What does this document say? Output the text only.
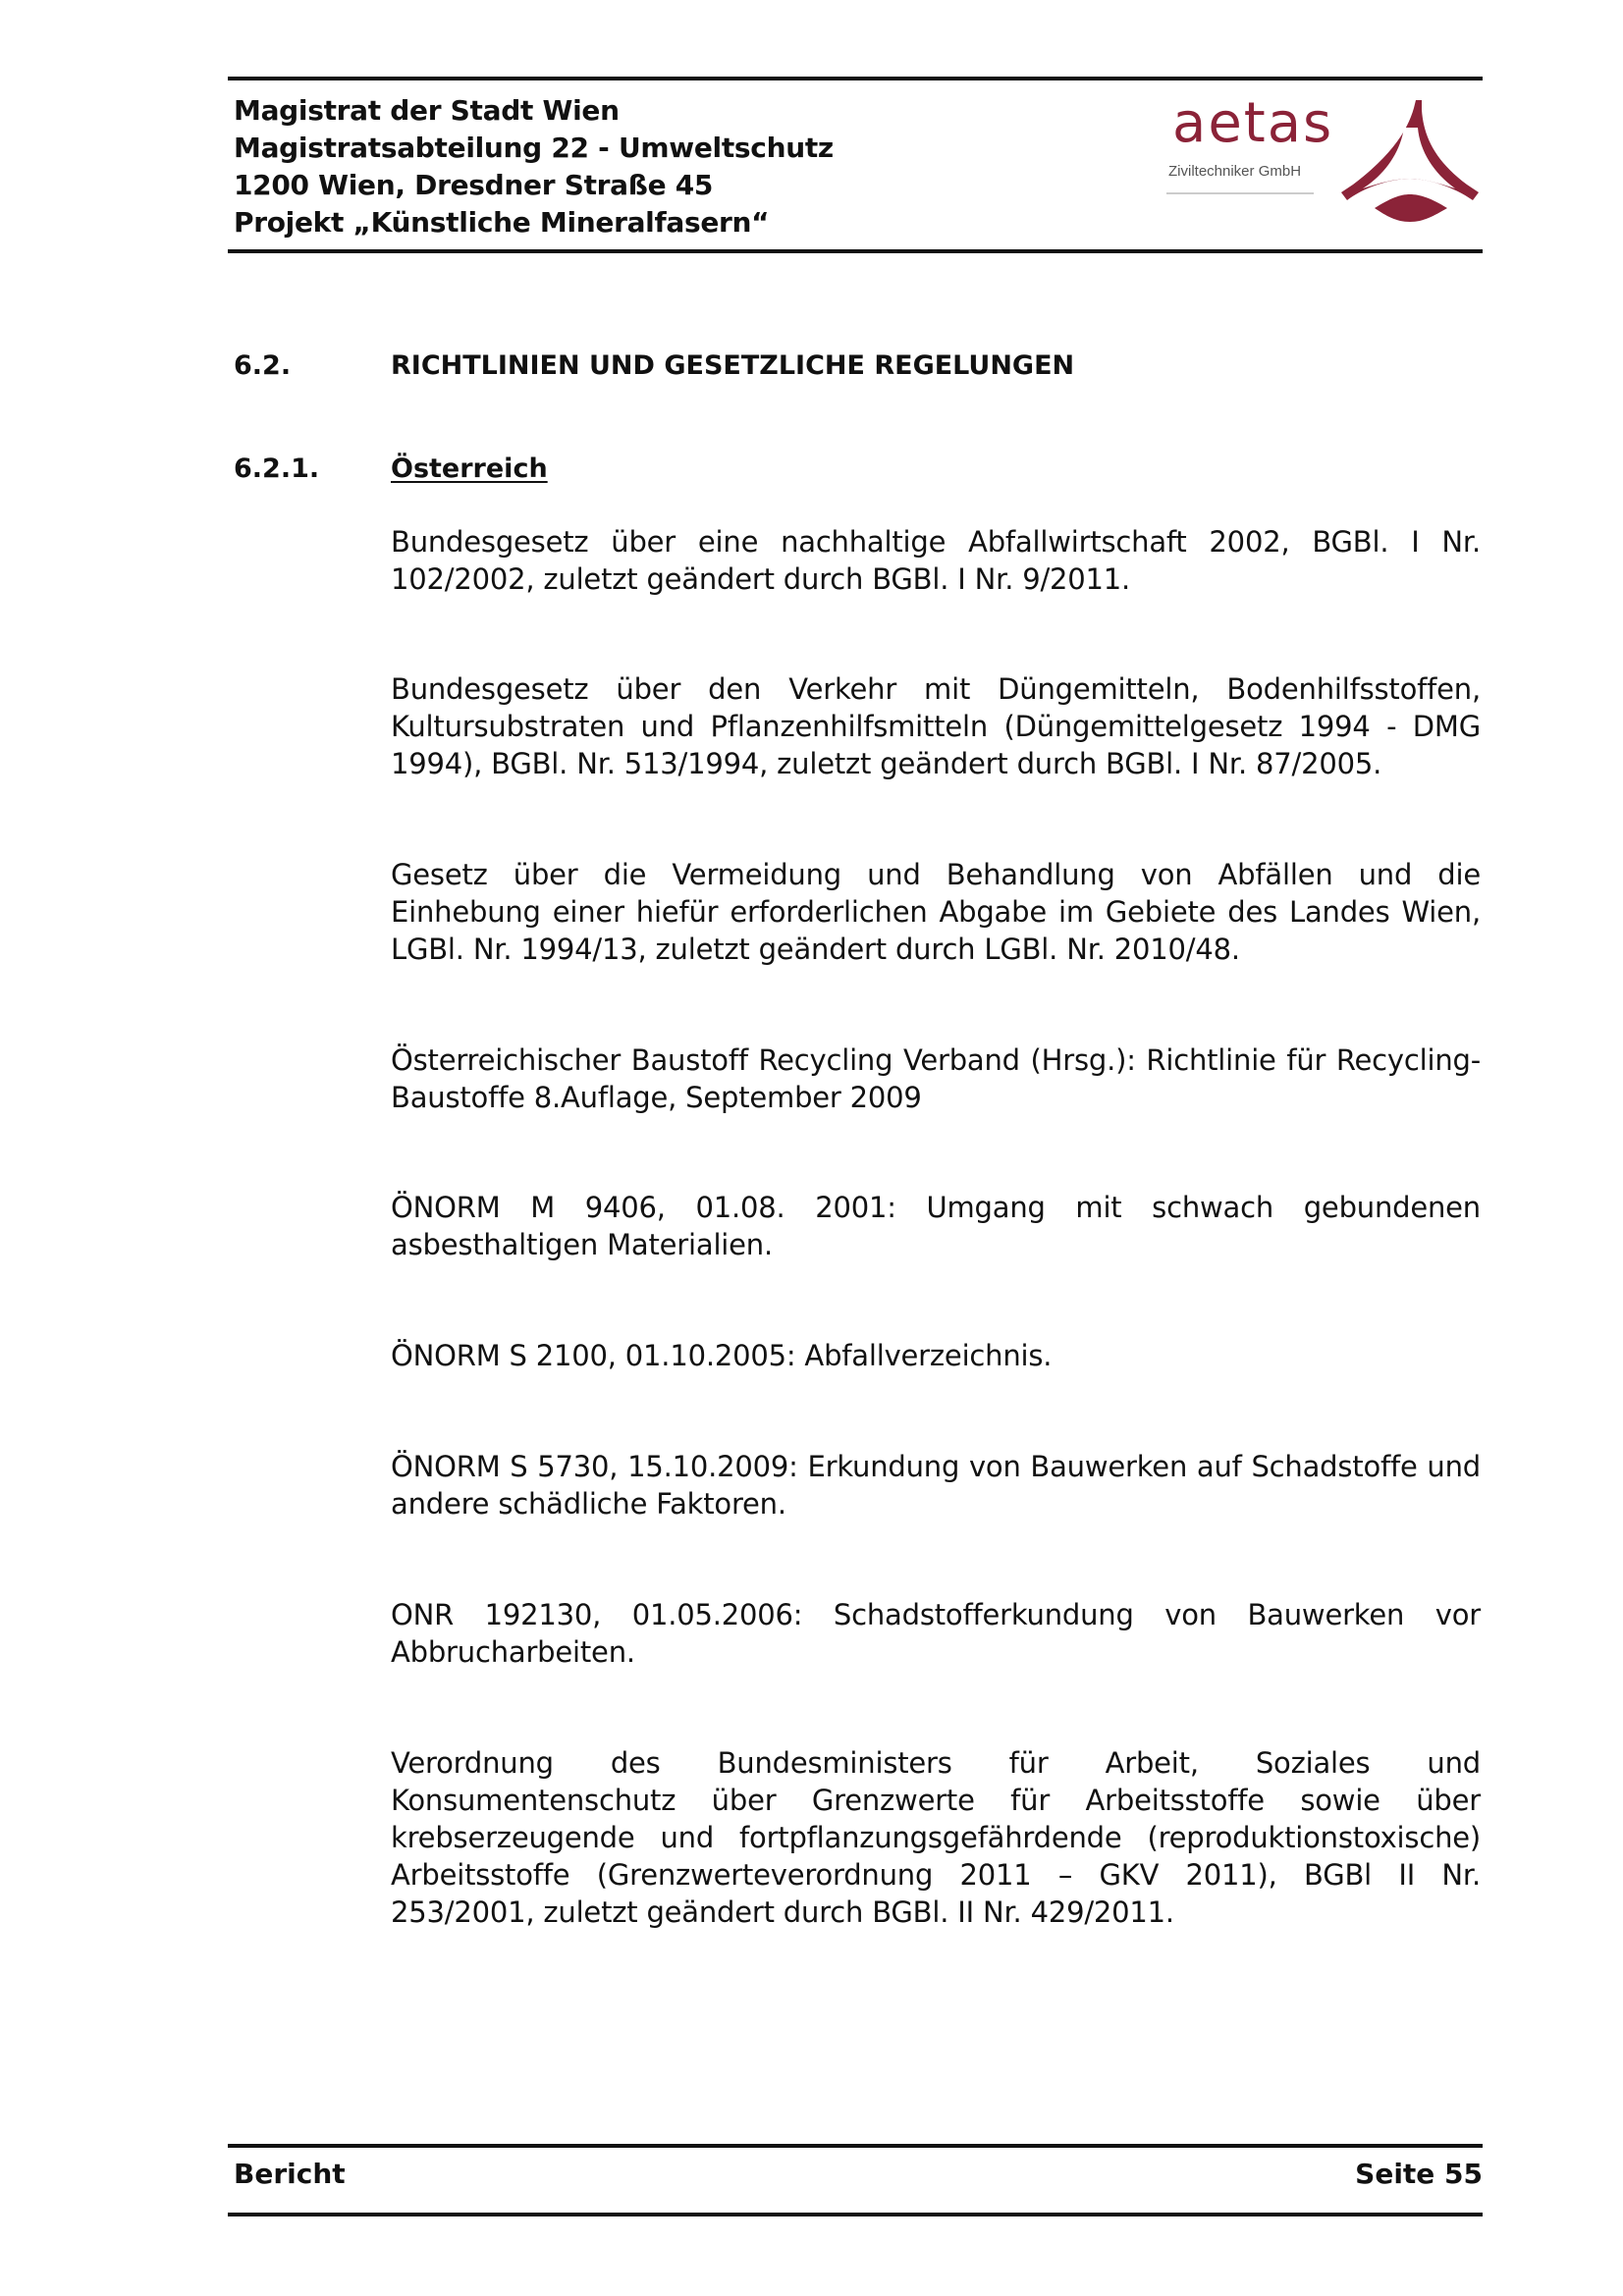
Magistrat der Stadt Wien
Magistratsabteilung 22 - Umweltschutz
1200 Wien, Dresdner Straße 45
Projekt „Künstliche Mineralfasern“
aetas
Ziviltechniker GmbH
6.2.	RICHTLINIEN UND GESETZLICHE REGELUNGEN
6.2.1.	Österreich
Bundesgesetz über eine nachhaltige Abfallwirtschaft 2002, BGBl. I Nr. 102/2002, zuletzt geändert durch BGBl. I Nr. 9/2011.
Bundesgesetz über den Verkehr mit Düngemitteln, Bodenhilfsstoffen, Kultursubstraten und Pflanzenhilfsmitteln (Düngemittelgesetz 1994 - DMG 1994), BGBl. Nr. 513/1994, zuletzt geändert durch BGBl. I Nr. 87/2005.
Gesetz über die Vermeidung und Behandlung von Abfällen und die Einhebung einer hiefür erforderlichen Abgabe im Gebiete des Landes Wien, LGBl. Nr. 1994/13, zuletzt geändert durch LGBl. Nr. 2010/48.
Österreichischer Baustoff Recycling Verband (Hrsg.): Richtlinie für Recycling-Baustoffe 8.Auflage, September 2009
ÖNORM M 9406, 01.08. 2001: Umgang mit schwach gebundenen asbesthaltigen Materialien.
ÖNORM S 2100, 01.10.2005: Abfallverzeichnis.
ÖNORM S 5730, 15.10.2009: Erkundung von Bauwerken auf Schadstoffe und andere schädliche Faktoren.
ONR 192130, 01.05.2006: Schadstofferkundung von Bauwerken vor Abbrucharbeiten.
Verordnung des Bundesministers für Arbeit, Soziales und Konsumentenschutz über Grenzwerte für Arbeitsstoffe sowie über krebserzeugende und fortpflanzungsgefährdende (reproduktionstoxische) Arbeitsstoffe (Grenzwerteverordnung 2011 – GKV 2011), BGBl II Nr. 253/2001, zuletzt geändert durch BGBl. II Nr. 429/2011.
Bericht	Seite 55
